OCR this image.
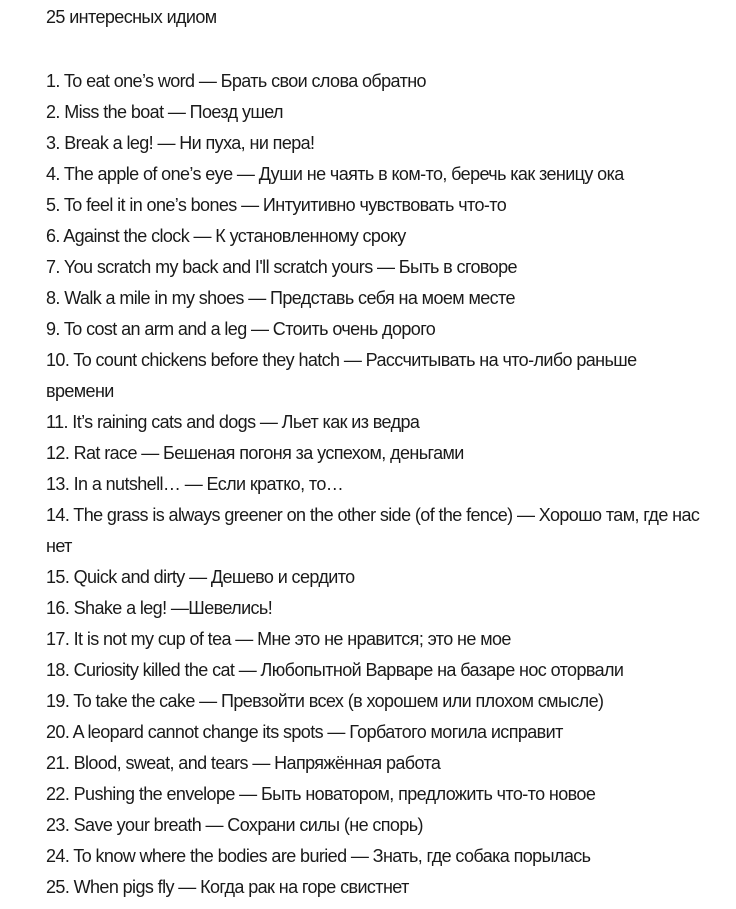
25 интересных идиом
1. To eat one’s word — Брать свои слова обратно
2. Miss the boat — Поезд ушел
3. Break a leg! — Ни пуха, ни пера!
4. The apple of one’s eye — Души не чаять в ком-то, беречь как зеницу ока
5. To feel it in one’s bones — Интуитивно чувствовать что-то
6. Against the clock — К установленному сроку
7. You scratch my back and I'll scratch yours — Быть в сговоре
8. Walk a mile in my shoes — Представь себя на моем месте
9. To cost an arm and a leg — Стоить очень дорого
10. To count chickens before they hatch — Рассчитывать на что-либо раньше времени
11. It’s raining cats and dogs — Льет как из ведра
12. Rat race — Бешеная погоня за успехом, деньгами
13. In a nutshell… — Если кратко, то…
14. The grass is always greener on the other side (of the fence) — Хорошо там, где нас нет
15. Quick and dirty — Дешево и сердито
16. Shake a leg! —Шевелись!
17. It is not my cup of tea — Мне это не нравится; это не мое
18. Curiosity killed the cat — Любопытной Варваре на базаре нос оторвали
19. To take the cake — Превзойти всех (в хорошем или плохом смысле)
20. A leopard cannot change its spots — Горбатого могила исправит
21. Blood, sweat, and tears — Напряжённая работа
22. Pushing the envelope — Быть новатором, предложить что-то новое
23. Save your breath — Сохрани силы (не спорь)
24. To know where the bodies are buried — Знать, где собака порылась
25. When pigs fly — Когда рак на горе свистнет
